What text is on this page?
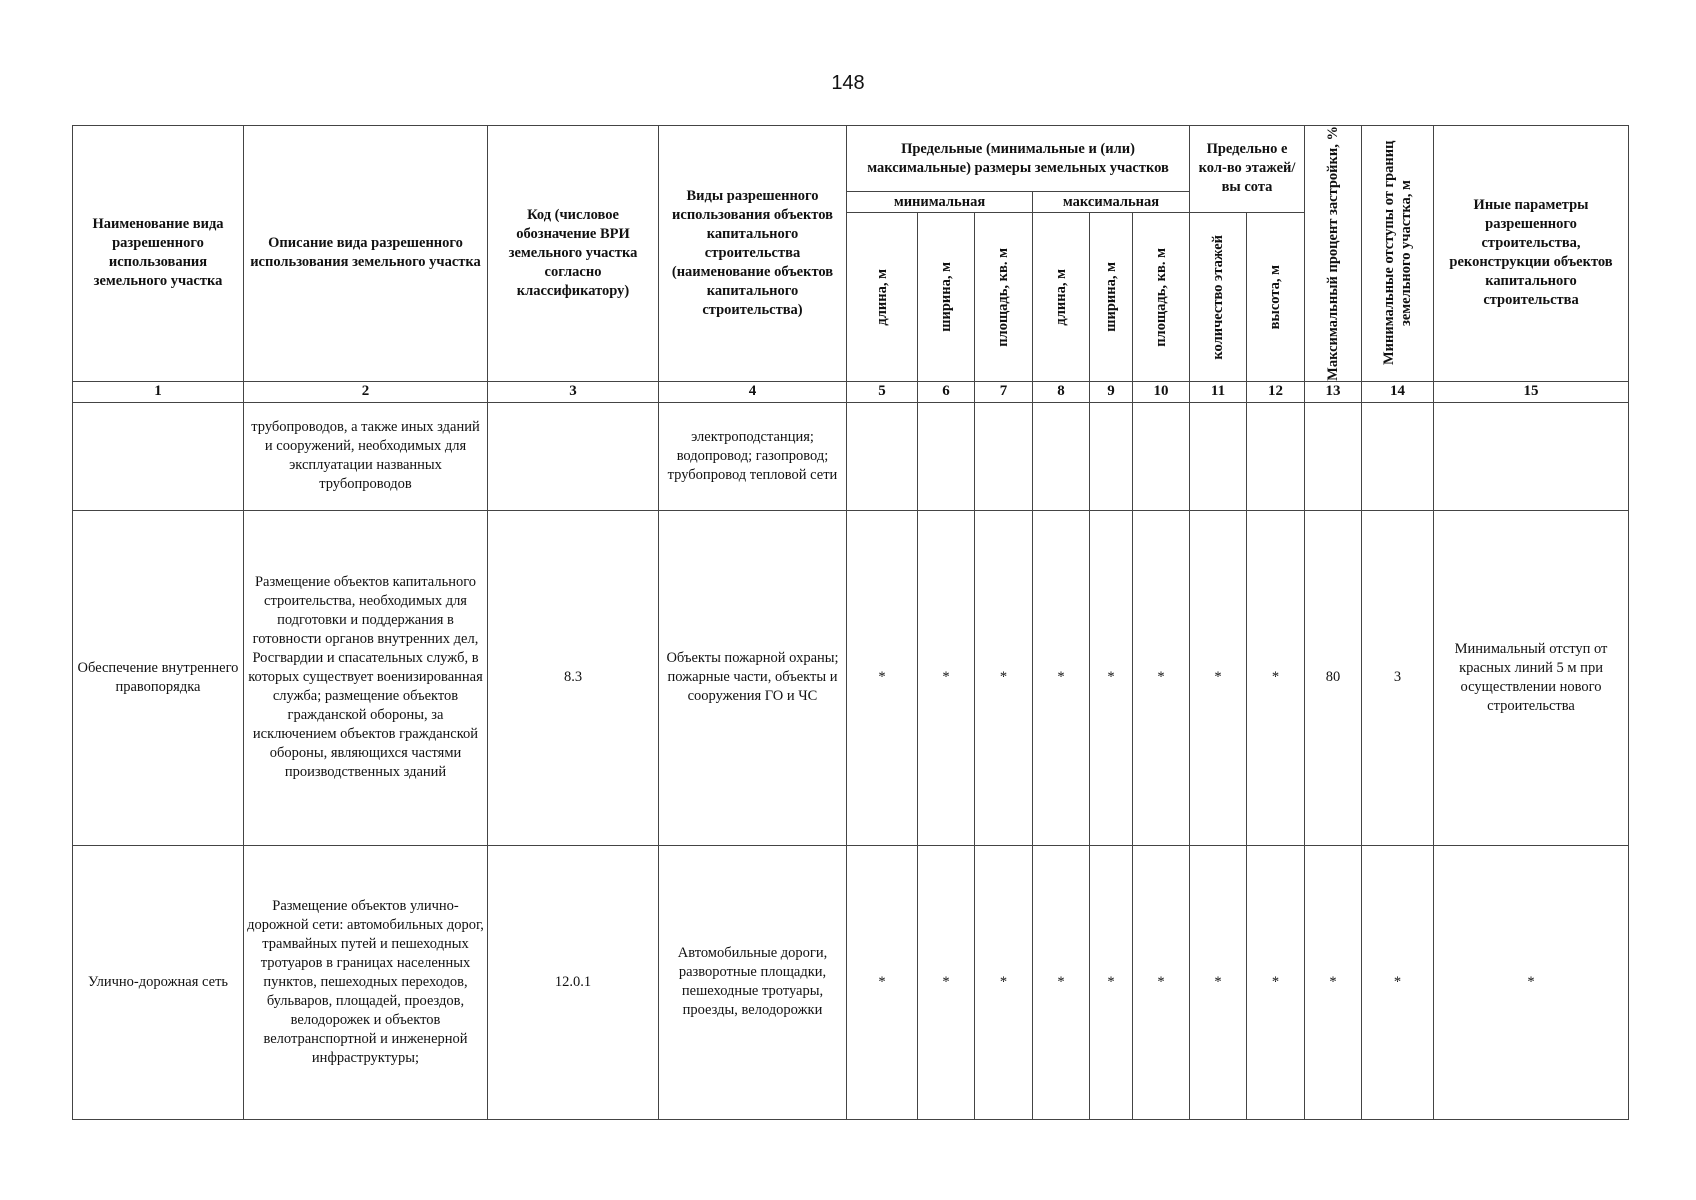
148
Наименование вида разрешенного использования земельного участка	Описание вида разрешенного использования земельного участка	Код (числовое обозначение ВРИ земельного участка согласно классификатору)	Виды разрешенного использования объектов капитального строительства (наименование объектов капитального строительства)	Предельные (минимальные и (или) максимальные) размеры земельных участков						Предельно е кол-во этажей/вы сота		Максимальный процент застройки, %	Минимальные отступы от границ земельного участка, м	Иные параметры разрешенного строительства, реконструкции объектов капитального строительства
				минимальная			максимальная							

				длина, м	ширина, м	площадь, кв. м	длина, м	ширина, м	площадь, кв. м	количество этажей	высота, м			

1	2	3	4	5	6	7	8	9	10	11	12	13	14	15
	трубопроводов, а также иных зданий и сооружений, необходимых для эксплуатации названных трубопроводов		электроподстанция; водопровод; газопровод; трубопровод тепловой сети											
Обеспечение внутреннего правопорядка	Размещение объектов капитального строительства, необходимых для подготовки и поддержания в готовности органов внутренних дел, Росгвардии и спасательных служб, в которых существует военизированная служба; размещение объектов гражданской обороны, за исключением объектов гражданской обороны, являющихся частями производственных зданий	8.3	Объекты пожарной охраны; пожарные части, объекты и сооружения ГО и ЧС	*	*	*	*	*	*	*	*	80	3	Минимальный отступ от красных линий 5 м при осуществлении нового строительства
Улично-дорожная сеть	Размещение объектов улично-дорожной сети: автомобильных дорог, трамвайных путей и пешеходных тротуаров в границах населенных пунктов, пешеходных переходов, бульваров, площадей, проездов, велодорожек и объектов велотранспортной и инженерной инфраструктуры;	12.0.1	Автомобильные дороги, разворотные площадки, пешеходные тротуары, проезды, велодорожки	*	*	*	*	*	*	*	*	*	*	*
